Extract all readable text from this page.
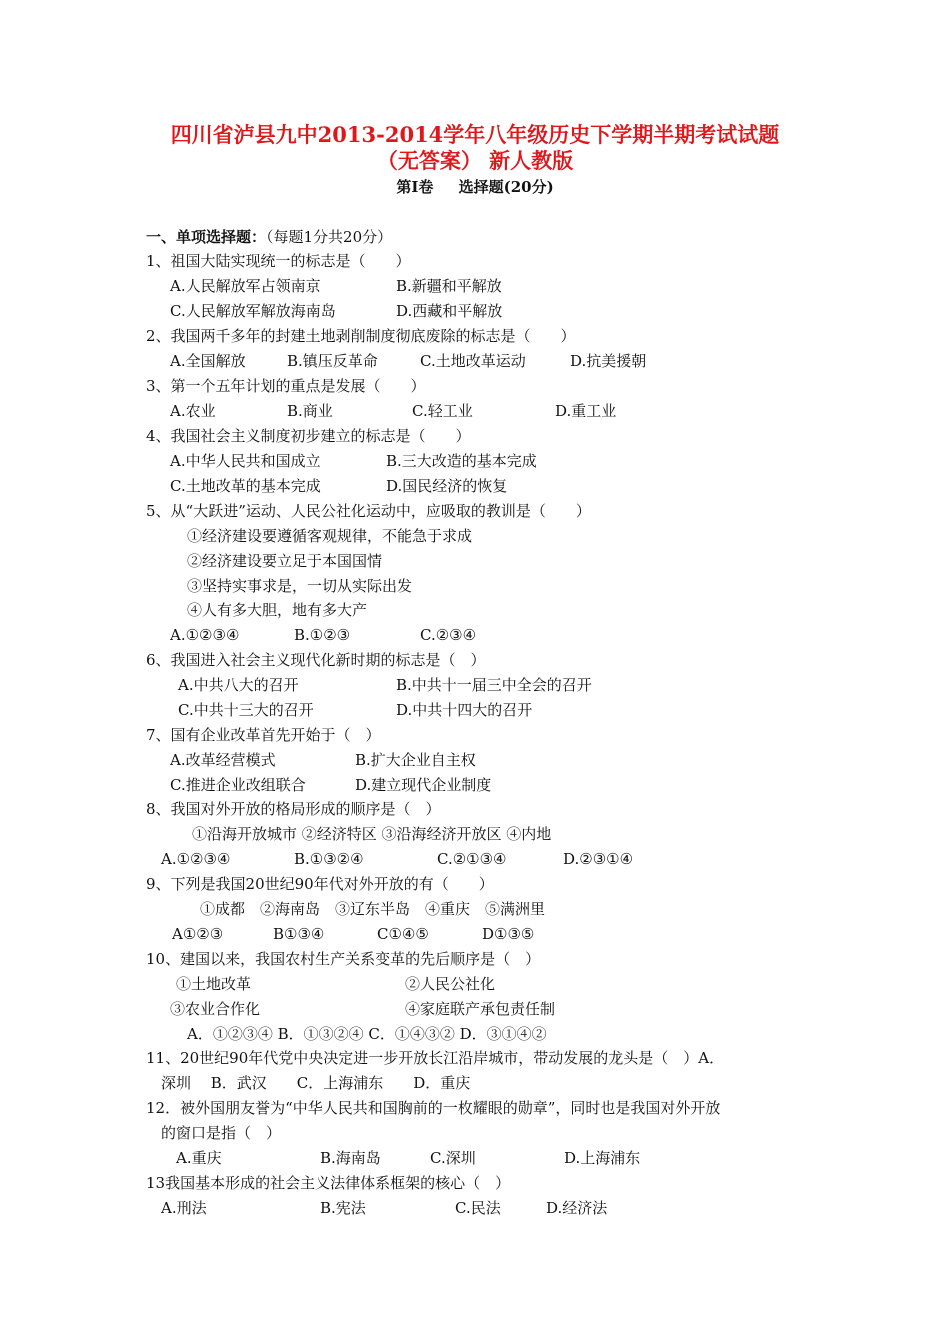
四川省泸县九中2013-2014学年八年级历史下学期半期考试试题
（无答案） 新人教版
第Ⅰ卷 选择题(20分)
一、单项选择题：（每题1分共20分）
1、祖国大陆实现统一的标志是（　　）
A.人民解放军占领南京	B.新疆和平解放
C.人民解放军解放海南岛	D.西藏和平解放
2、我国两千多年的封建土地剥削制度彻底废除的标志是（　　）
A.全国解放	B.镇压反革命	C.土地改革运动	D.抗美援朝
3、第一个五年计划的重点是发展（　　）
A.农业	B.商业	C.轻工业	D.重工业
4、我国社会主义制度初步建立的标志是（　　）
A.中华人民共和国成立	B.三大改造的基本完成
C.土地改革的基本完成	D.国民经济的恢复
5、从“大跃进”运动、人民公社化运动中，应吸取的教训是（　　）
①经济建设要遵循客观规律，不能急于求成
②经济建设要立足于本国国情
③坚持实事求是，一切从实际出发
④人有多大胆，地有多大产
A.①②③④	B.①②③	C.②③④
6、我国进入社会主义现代化新时期的标志是（　）
A.中共八大的召开	B.中共十一届三中全会的召开
C.中共十三大的召开	D.中共十四大的召开
7、国有企业改革首先开始于（　）
A.改革经营模式	B.扩大企业自主权
C.推进企业改组联合	D.建立现代企业制度
8、我国对外开放的格局形成的顺序是（　）
①沿海开放城市 ②经济特区 ③沿海经济开放区 ④内地
A.①②③④	B.①③②④	C.②①③④	D.②③①④
9、下列是我国20世纪90年代对外开放的有（　　）
①成都　②海南岛　③辽东半岛　④重庆　⑤满洲里
A①②③	B①③④	C①④⑤	D①③⑤
10、建国以来，我国农村生产关系变革的先后顺序是（　）
①土地改革	②人民公社化
③农业合作化	④家庭联产承包责任制
A．①②③④ B．①③②④ C．①④③② D．③①④②
11、20世纪90年代党中央决定进一步开放长江沿岸城市，带动发展的龙头是（　）A．
深圳　 B．武汉　　C．上海浦东　　D．重庆
12．被外国朋友誉为“中华人民共和国胸前的一枚耀眼的勋章”，同时也是我国对外开放
的窗口是指（　）
A.重庆	B.海南岛	C.深圳	D.上海浦东
13我国基本形成的社会主义法律体系框架的核心（　）
A.刑法	B.宪法	C.民法	D.经济法
